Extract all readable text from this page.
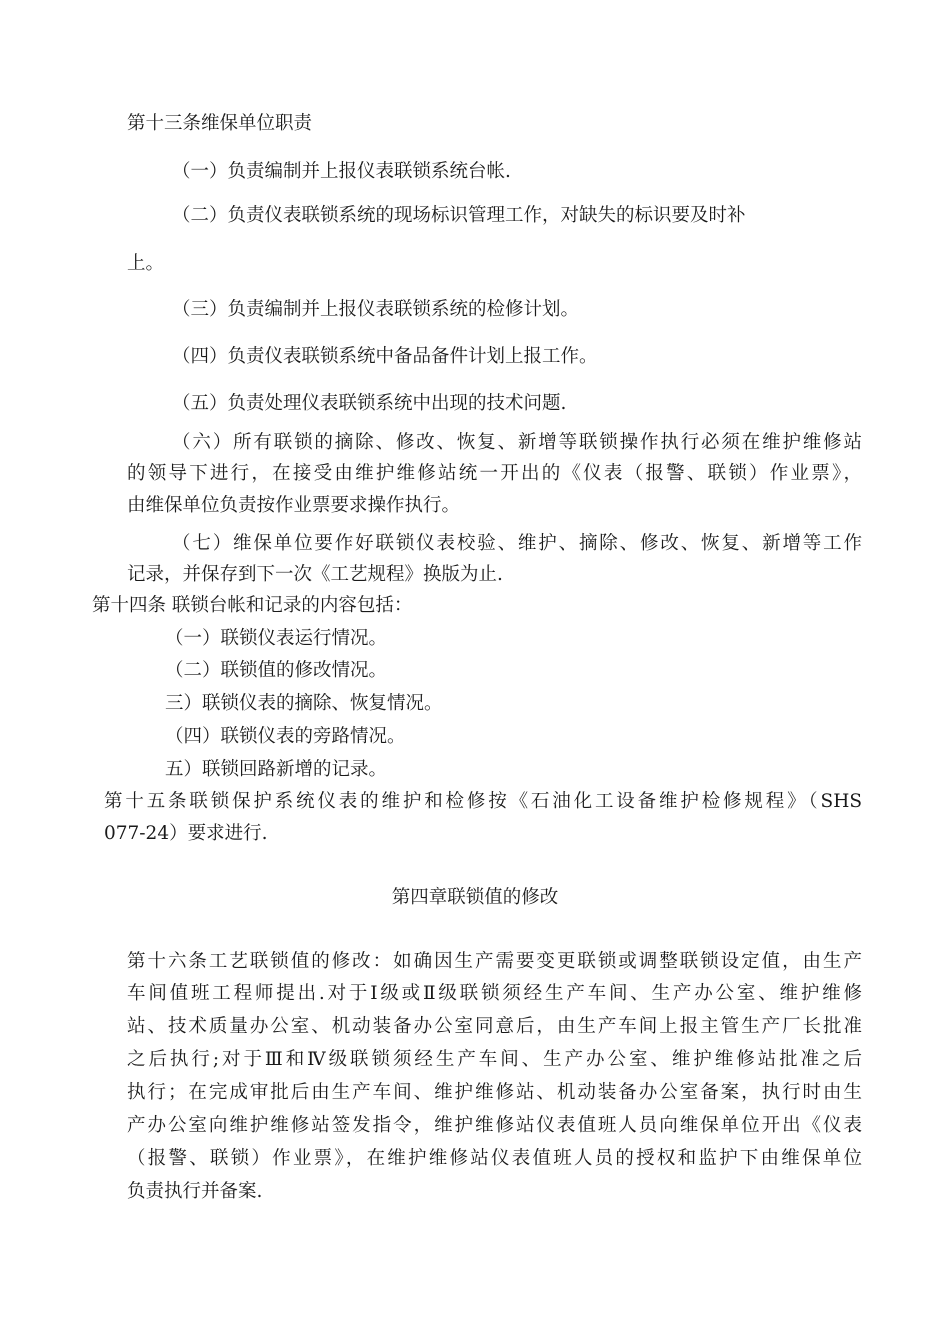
第十三条维保单位职责
（一）负责编制并上报仪表联锁系统台帐.
（二）负责仪表联锁系统的现场标识管理工作，对缺失的标识要及时补
上。
（三）负责编制并上报仪表联锁系统的检修计划。
（四）负责仪表联锁系统中备品备件计划上报工作。
（五）负责处理仪表联锁系统中出现的技术问题.
（六）所有联锁的摘除、修改、恢复、新增等联锁操作执行必须在维护维修站
的领导下进行，在接受由维护维修站统一开出的《仪表（报警、联锁）作业票》，
由维保单位负责按作业票要求操作执行。
（七）维保单位要作好联锁仪表校验、维护、摘除、修改、恢复、新增等工作
记录，并保存到下一次《工艺规程》换版为止.
第十四条 联锁台帐和记录的内容包括：
（一）联锁仪表运行情况。
（二）联锁值的修改情况。
三）联锁仪表的摘除、恢复情况。
（四）联锁仪表的旁路情况。
五）联锁回路新增的记录。
第十五条联锁保护系统仪表的维护和检修按《石油化工设备维护检修规程》（SHS
077-24）要求进行.
第四章联锁值的修改
第十六条工艺联锁值的修改：如确因生产需要变更联锁或调整联锁设定值，由生产
车间值班工程师提出.对于Ⅰ级或Ⅱ级联锁须经生产车间、生产办公室、维护维修
站、技术质量办公室、机动装备办公室同意后，由生产车间上报主管生产厂长批准
之后执行;对于Ⅲ和Ⅳ级联锁须经生产车间、生产办公室、维护维修站批准之后
执行；在完成审批后由生产车间、维护维修站、机动装备办公室备案，执行时由生
产办公室向维护维修站签发指令，维护维修站仪表值班人员向维保单位开出《仪表
（报警、联锁）作业票》，在维护维修站仪表值班人员的授权和监护下由维保单位
负责执行并备案.
